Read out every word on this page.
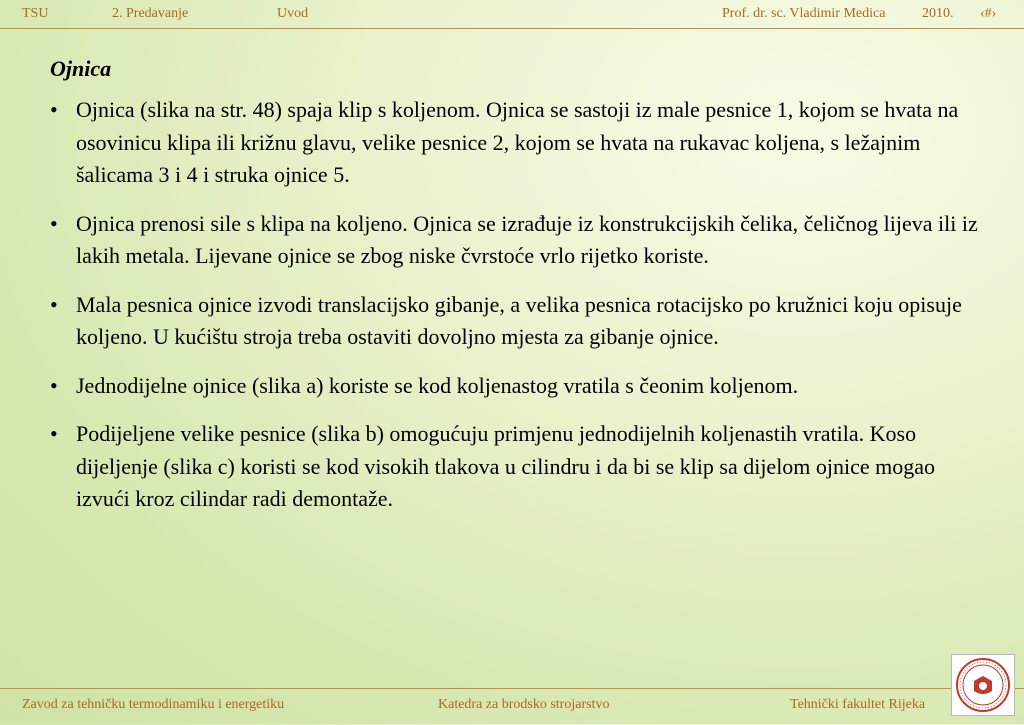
TSU	2. Predavanje	Uvod	Prof. dr. sc. Vladimir Medica	2010. ‹#›
Ojnica
• Ojnica (slika na str. 48) spaja klip s koljenom. Ojnica se sastoji iz male pesnice 1, kojom se hvata na osovinicu klipa ili križnu glavu, velike pesnice 2, kojom se hvata na rukavac koljena, s ležajnim šalicama 3 i 4 i struka ojnice 5.
• Ojnica prenosi sile s klipa na koljeno. Ojnica se izrađuje iz konstrukcijskih čelika, čeličnog lijeva ili iz lakih metala. Lijevane ojnice se zbog niske čvrstoće vrlo rijetko koriste.
• Mala pesnica ojnice izvodi translacijsko gibanje, a velika pesnica rotacijsko po kružnici koju opisuje koljeno. U kućištu stroja treba ostaviti dovoljno mjesta za gibanje ojnice.
• Jednodijelne ojnice (slika a) koriste se kod koljenastog vratila s čeonim koljenom.
• Podijeljene velike pesnice (slika b) omogućuju primjenu jednodijelnih koljenastih vratila. Koso dijeljenje (slika c) koristi se kod visokih tlakova u cilindru i da bi se klip sa dijelom ojnice mogao izvući kroz cilindar radi demontaže.
Zavod za tehničku termodinamiku i energetiku	Katedra za brodsko strojarstvo	Tehnički fakultet Rijeka
